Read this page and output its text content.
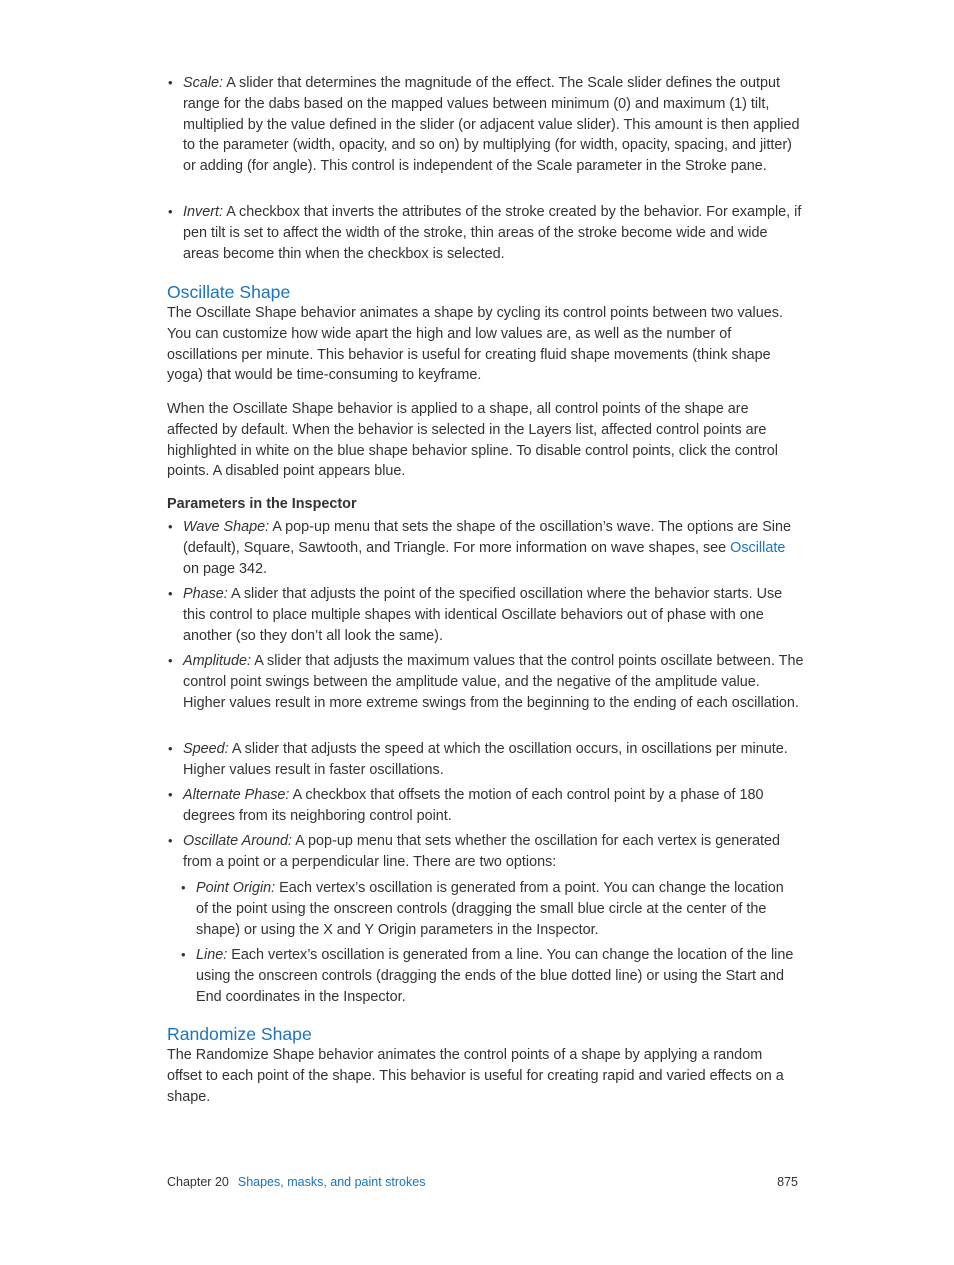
• Scale: A slider that determines the magnitude of the effect. The Scale slider defines the output range for the dabs based on the mapped values between minimum (0) and maximum (1) tilt, multiplied by the value defined in the slider (or adjacent value slider). This amount is then applied to the parameter (width, opacity, and so on) by multiplying (for width, opacity, spacing, and jitter) or adding (for angle). This control is independent of the Scale parameter in the Stroke pane.

• Invert: A checkbox that inverts the attributes of the stroke created by the behavior. For example, if pen tilt is set to affect the width of the stroke, thin areas of the stroke become wide and wide areas become thin when the checkbox is selected.

Oscillate Shape

The Oscillate Shape behavior animates a shape by cycling its control points between two values. You can customize how wide apart the high and low values are, as well as the number of oscillations per minute. This behavior is useful for creating fluid shape movements (think shape yoga) that would be time-consuming to keyframe.

When the Oscillate Shape behavior is applied to a shape, all control points of the shape are affected by default. When the behavior is selected in the Layers list, affected control points are highlighted in white on the blue shape behavior spline. To disable control points, click the control points. A disabled point appears blue.

Parameters in the Inspector

• Wave Shape: A pop-up menu that sets the shape of the oscillation’s wave. The options are Sine (default), Square, Sawtooth, and Triangle. For more information on wave shapes, see Oscillate on page 342.

• Phase: A slider that adjusts the point of the specified oscillation where the behavior starts. Use this control to place multiple shapes with identical Oscillate behaviors out of phase with one another (so they don’t all look the same).

• Amplitude: A slider that adjusts the maximum values that the control points oscillate between. The control point swings between the amplitude value, and the negative of the amplitude value. Higher values result in more extreme swings from the beginning to the ending of each oscillation.

• Speed: A slider that adjusts the speed at which the oscillation occurs, in oscillations per minute. Higher values result in faster oscillations.

• Alternate Phase: A checkbox that offsets the motion of each control point by a phase of 180 degrees from its neighboring control point.

• Oscillate Around: A pop-up menu that sets whether the oscillation for each vertex is generated from a point or a perpendicular line. There are two options:

• Point Origin: Each vertex’s oscillation is generated from a point. You can change the location of the point using the onscreen controls (dragging the small blue circle at the center of the shape) or using the X and Y Origin parameters in the Inspector.

• Line: Each vertex’s oscillation is generated from a line. You can change the location of the line using the onscreen controls (dragging the ends of the blue dotted line) or using the Start and End coordinates in the Inspector.

Randomize Shape

The Randomize Shape behavior animates the control points of a shape by applying a random offset to each point of the shape. This behavior is useful for creating rapid and varied effects on a shape.

Chapter 20 Shapes, masks, and paint strokes	875
